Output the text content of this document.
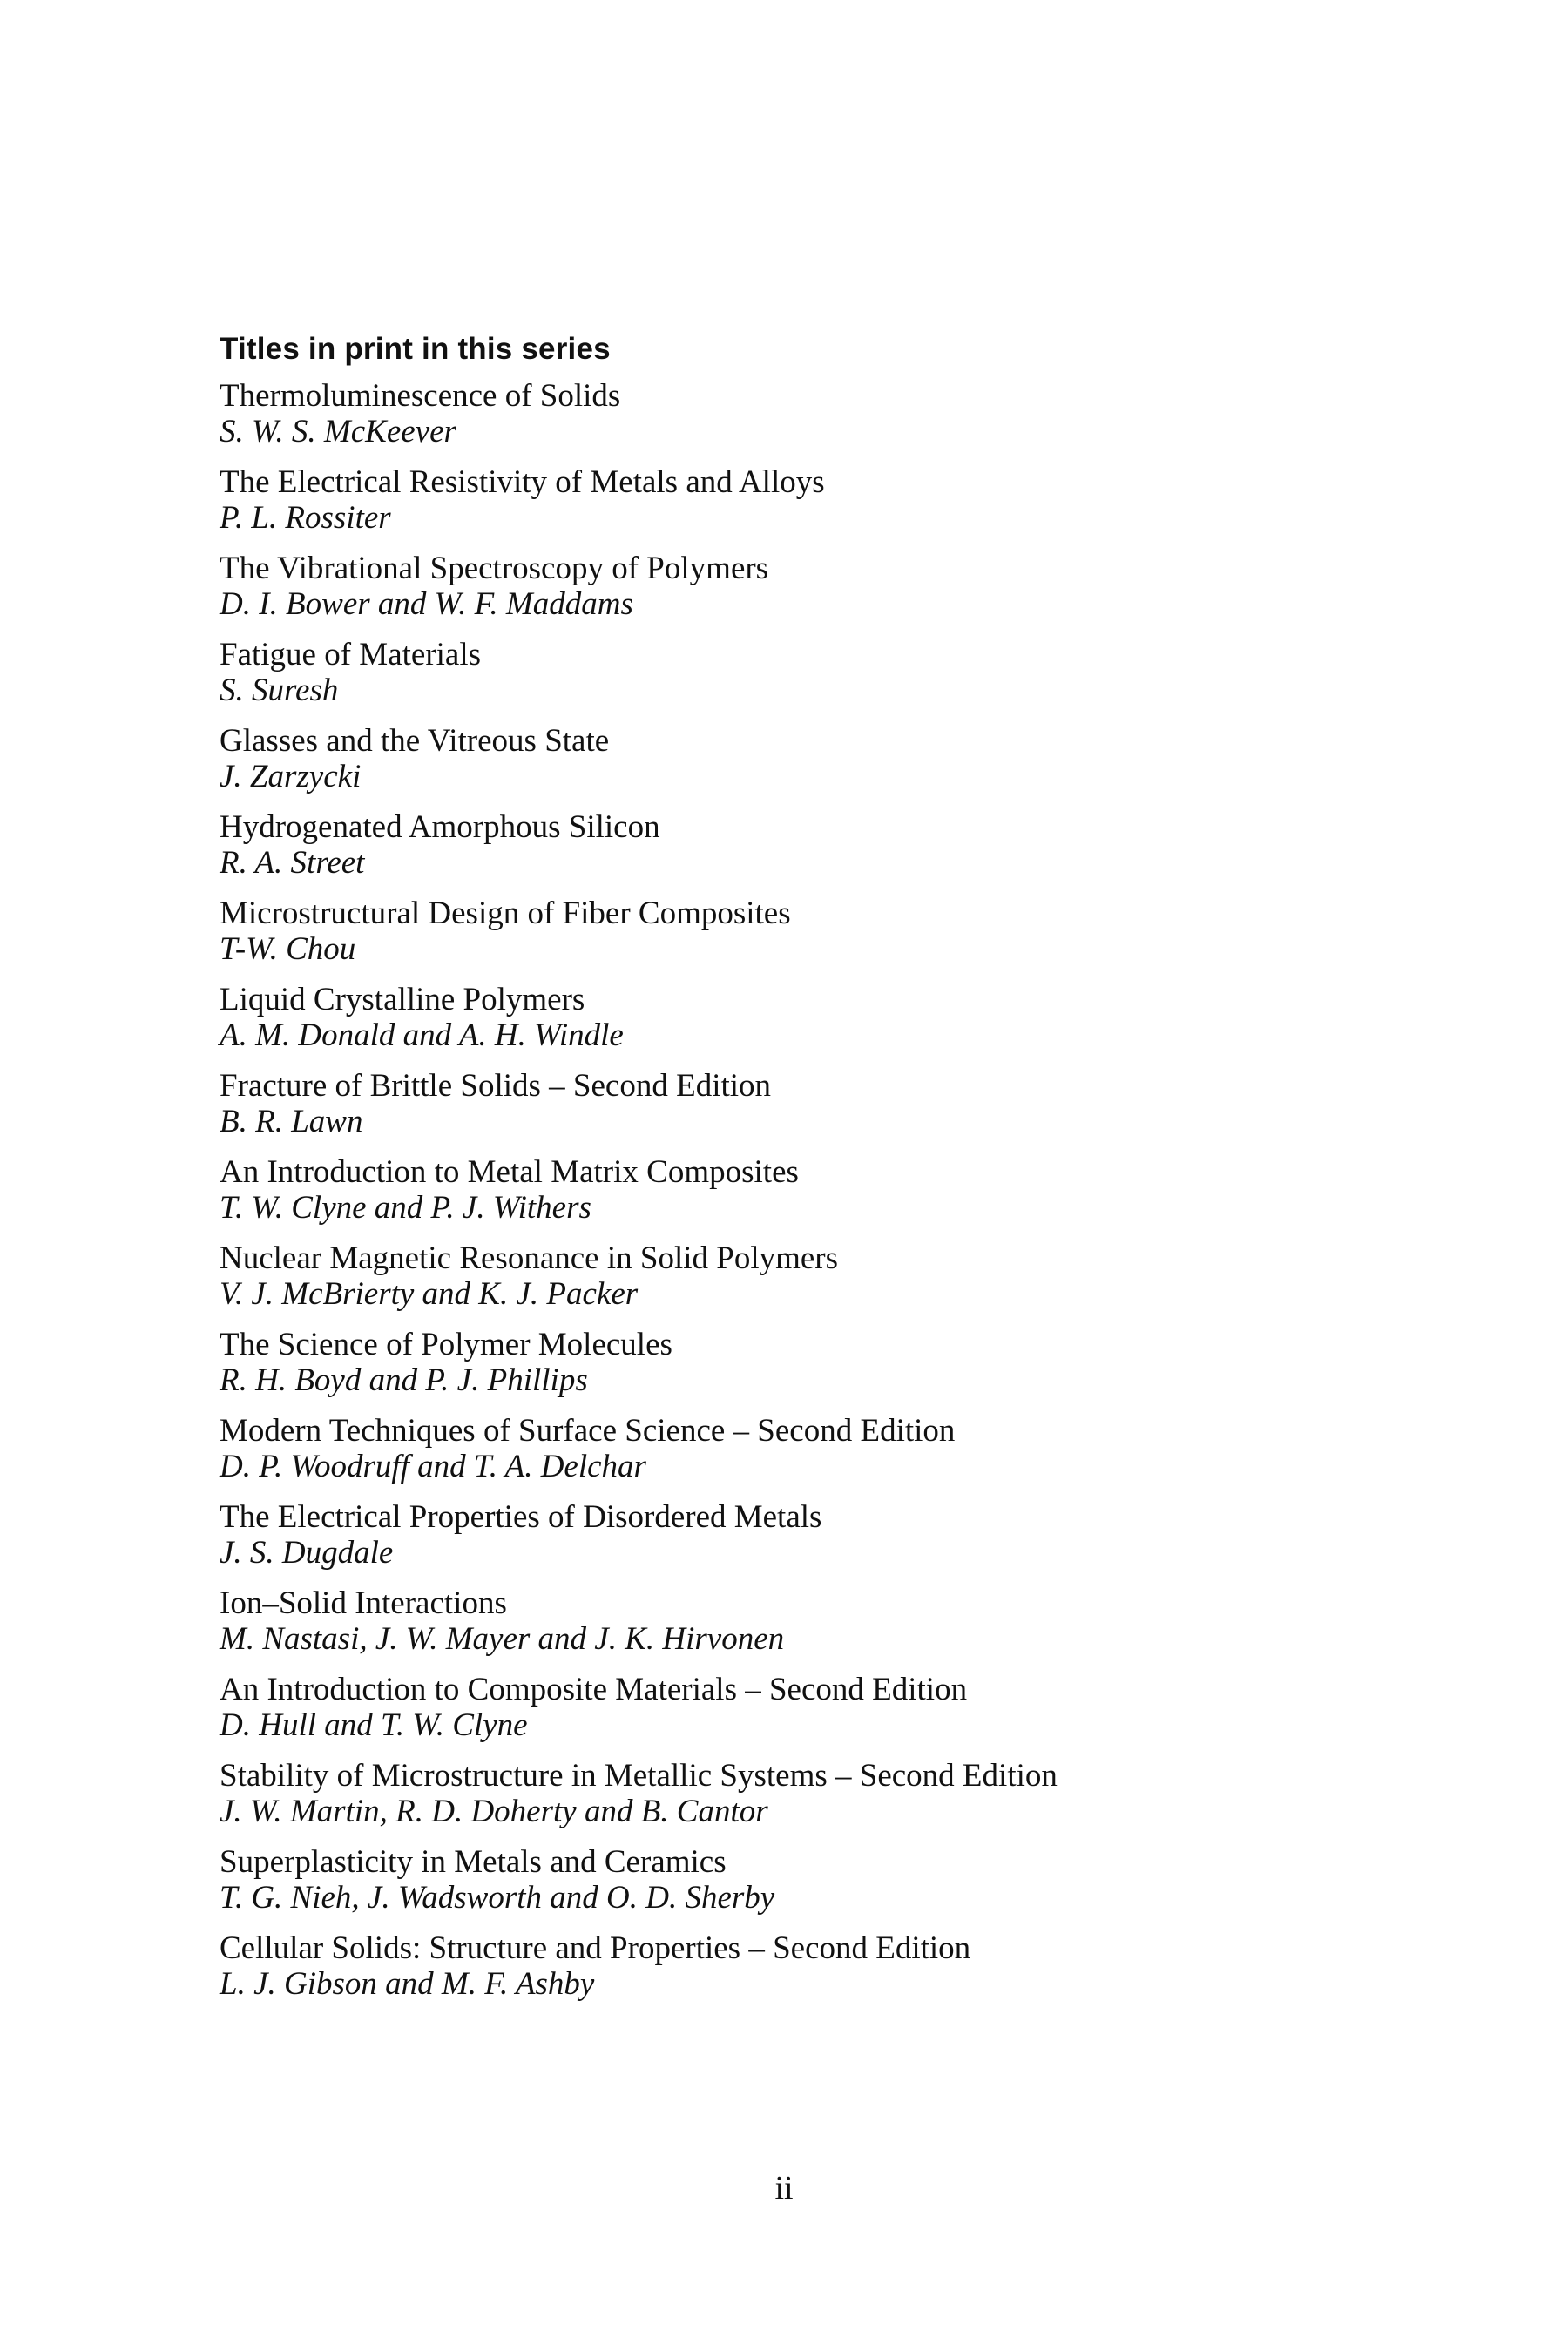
Titles in print in this series
Thermoluminescence of Solids
S. W. S. McKeever
The Electrical Resistivity of Metals and Alloys
P. L. Rossiter
The Vibrational Spectroscopy of Polymers
D. I. Bower and W. F. Maddams
Fatigue of Materials
S. Suresh
Glasses and the Vitreous State
J. Zarzycki
Hydrogenated Amorphous Silicon
R. A. Street
Microstructural Design of Fiber Composites
T-W. Chou
Liquid Crystalline Polymers
A. M. Donald and A. H. Windle
Fracture of Brittle Solids – Second Edition
B. R. Lawn
An Introduction to Metal Matrix Composites
T. W. Clyne and P. J. Withers
Nuclear Magnetic Resonance in Solid Polymers
V. J. McBrierty and K. J. Packer
The Science of Polymer Molecules
R. H. Boyd and P. J. Phillips
Modern Techniques of Surface Science – Second Edition
D. P. Woodruff and T. A. Delchar
The Electrical Properties of Disordered Metals
J. S. Dugdale
Ion–Solid Interactions
M. Nastasi, J. W. Mayer and J. K. Hirvonen
An Introduction to Composite Materials – Second Edition
D. Hull and T. W. Clyne
Stability of Microstructure in Metallic Systems – Second Edition
J. W. Martin, R. D. Doherty and B. Cantor
Superplasticity in Metals and Ceramics
T. G. Nieh, J. Wadsworth and O. D. Sherby
Cellular Solids: Structure and Properties – Second Edition
L. J. Gibson and M. F. Ashby
ii
